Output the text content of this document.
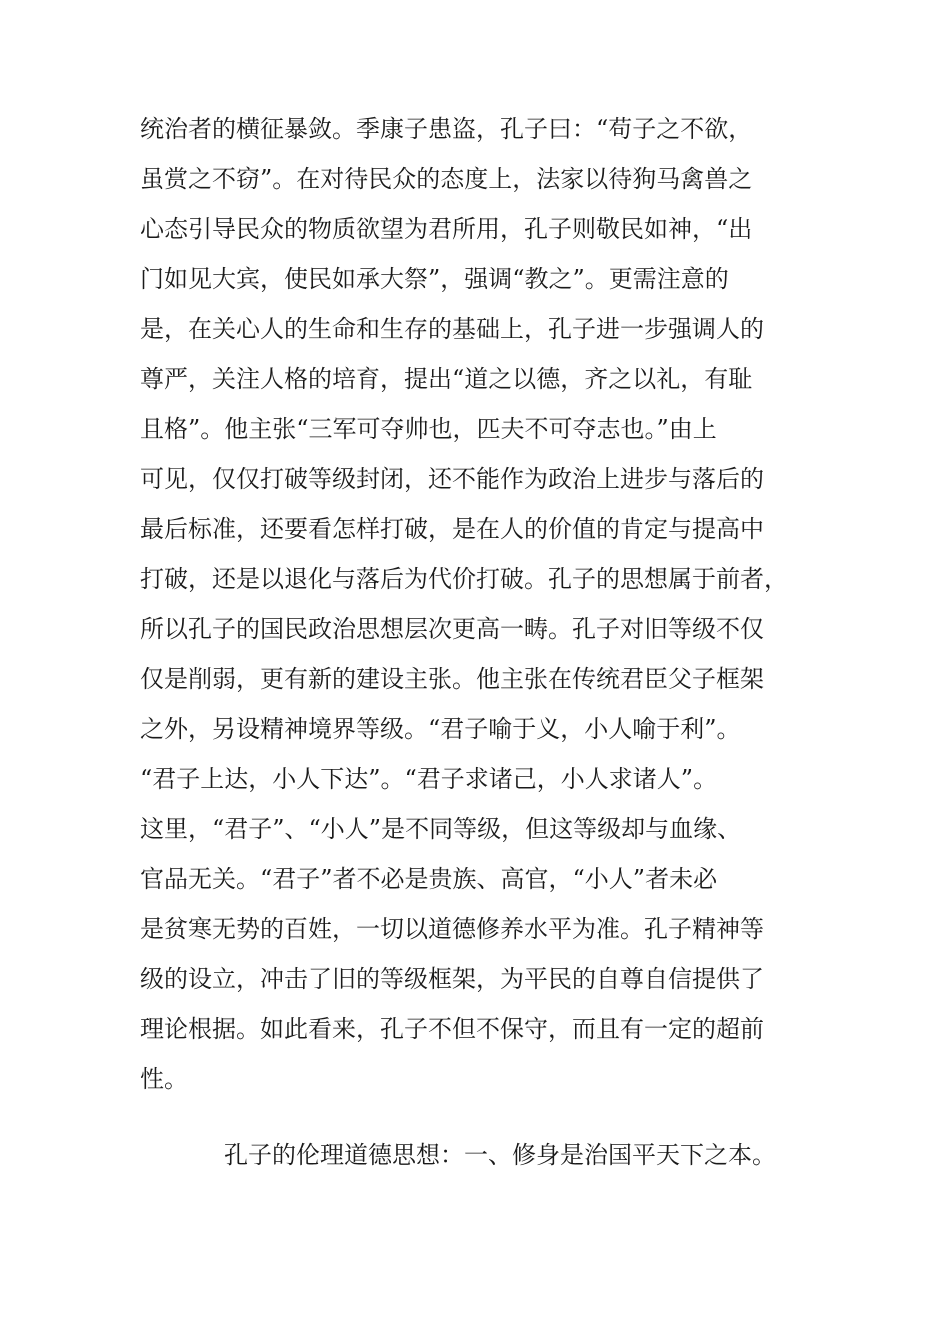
统治者的横征暴敛。季康子患盗，孔子曰：“苟子之不欲，
虽赏之不窃”。在对待民众的态度上，法家以待狗马禽兽之
心态引导民众的物质欲望为君所用，孔子则敬民如神，“出
门如见大宾，使民如承大祭”，强调“教之”。更需注意的
是，在关心人的生命和生存的基础上，孔子进一步强调人的
尊严，关注人格的培育，提出“道之以德，齐之以礼，有耻
且格”。他主张“三军可夺帅也，匹夫不可夺志也。”由上
可见，仅仅打破等级封闭，还不能作为政治上进步与落后的
最后标准，还要看怎样打破，是在人的价值的肯定与提高中
打破，还是以退化与落后为代价打破。孔子的思想属于前者，
所以孔子的国民政治思想层次更高一畴。孔子对旧等级不仅
仅是削弱，更有新的建设主张。他主张在传统君臣父子框架
之外，另设精神境界等级。“君子喻于义，小人喻于利”。
“君子上达，小人下达”。“君子求诸己，小人求诸人”。
这里，“君子”、“小人”是不同等级，但这等级却与血缘、
官品无关。“君子”者不必是贵族、高官，“小人”者未必
是贫寒无势的百姓，一切以道德修养水平为准。孔子精神等
级的设立，冲击了旧的等级框架，为平民的自尊自信提供了
理论根据。如此看来，孔子不但不保守，而且有一定的超前
性。
孔子的伦理道德思想：一、修身是治国平天下之本。
